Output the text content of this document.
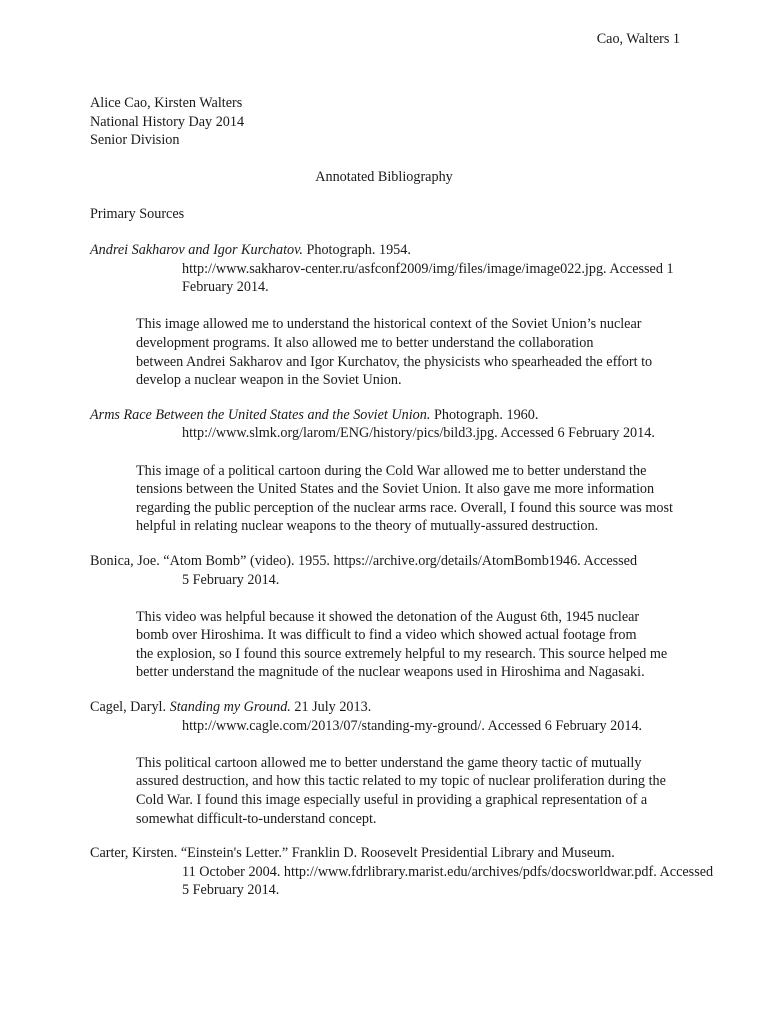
Cao, Walters 1
Alice Cao, Kirsten Walters
National History Day 2014
Senior Division
Annotated Bibliography
Primary Sources
Andrei Sakharov and Igor Kurchatov. Photograph. 1954.
http://www.sakharov-center.ru/asfconf2009/img/files/image/image022.jpg. Accessed 1
February 2014.
This image allowed me to understand the historical context of the Soviet Union’s nuclear
development programs. It also allowed me to better understand the collaboration
between Andrei Sakharov and Igor Kurchatov, the physicists who spearheaded the effort to
develop a nuclear weapon in the Soviet Union.
Arms Race Between the United States and the Soviet Union. Photograph. 1960.
http://www.slmk.org/larom/ENG/history/pics/bild3.jpg. Accessed 6 February 2014.
This image of a political cartoon during the Cold War allowed me to better understand the
tensions between the United States and the Soviet Union. It also gave me more information
regarding the public perception of the nuclear arms race. Overall, I found this source was most
helpful in relating nuclear weapons to the theory of mutually-assured destruction.
Bonica, Joe. “Atom Bomb” (video). 1955. https://archive.org/details/AtomBomb1946. Accessed
5 February 2014.
This video was helpful because it showed the detonation of the August 6th, 1945 nuclear
bomb over Hiroshima. It was difficult to find a video which showed actual footage from
the explosion, so I found this source extremely helpful to my research. This source helped me
better understand the magnitude of the nuclear weapons used in Hiroshima and Nagasaki.
Cagel, Daryl. Standing my Ground. 21 July 2013.
http://www.cagle.com/2013/07/standing-my-ground/. Accessed 6 February 2014.
This political cartoon allowed me to better understand the game theory tactic of mutually
assured destruction, and how this tactic related to my topic of nuclear proliferation during the
Cold War. I found this image especially useful in providing a graphical representation of a
somewhat difficult-to-understand concept.
Carter, Kirsten. “Einstein's Letter.” Franklin D. Roosevelt Presidential Library and Museum.
11 October 2004. http://www.fdrlibrary.marist.edu/archives/pdfs/docsworldwar.pdf. Accessed
5 February 2014.
